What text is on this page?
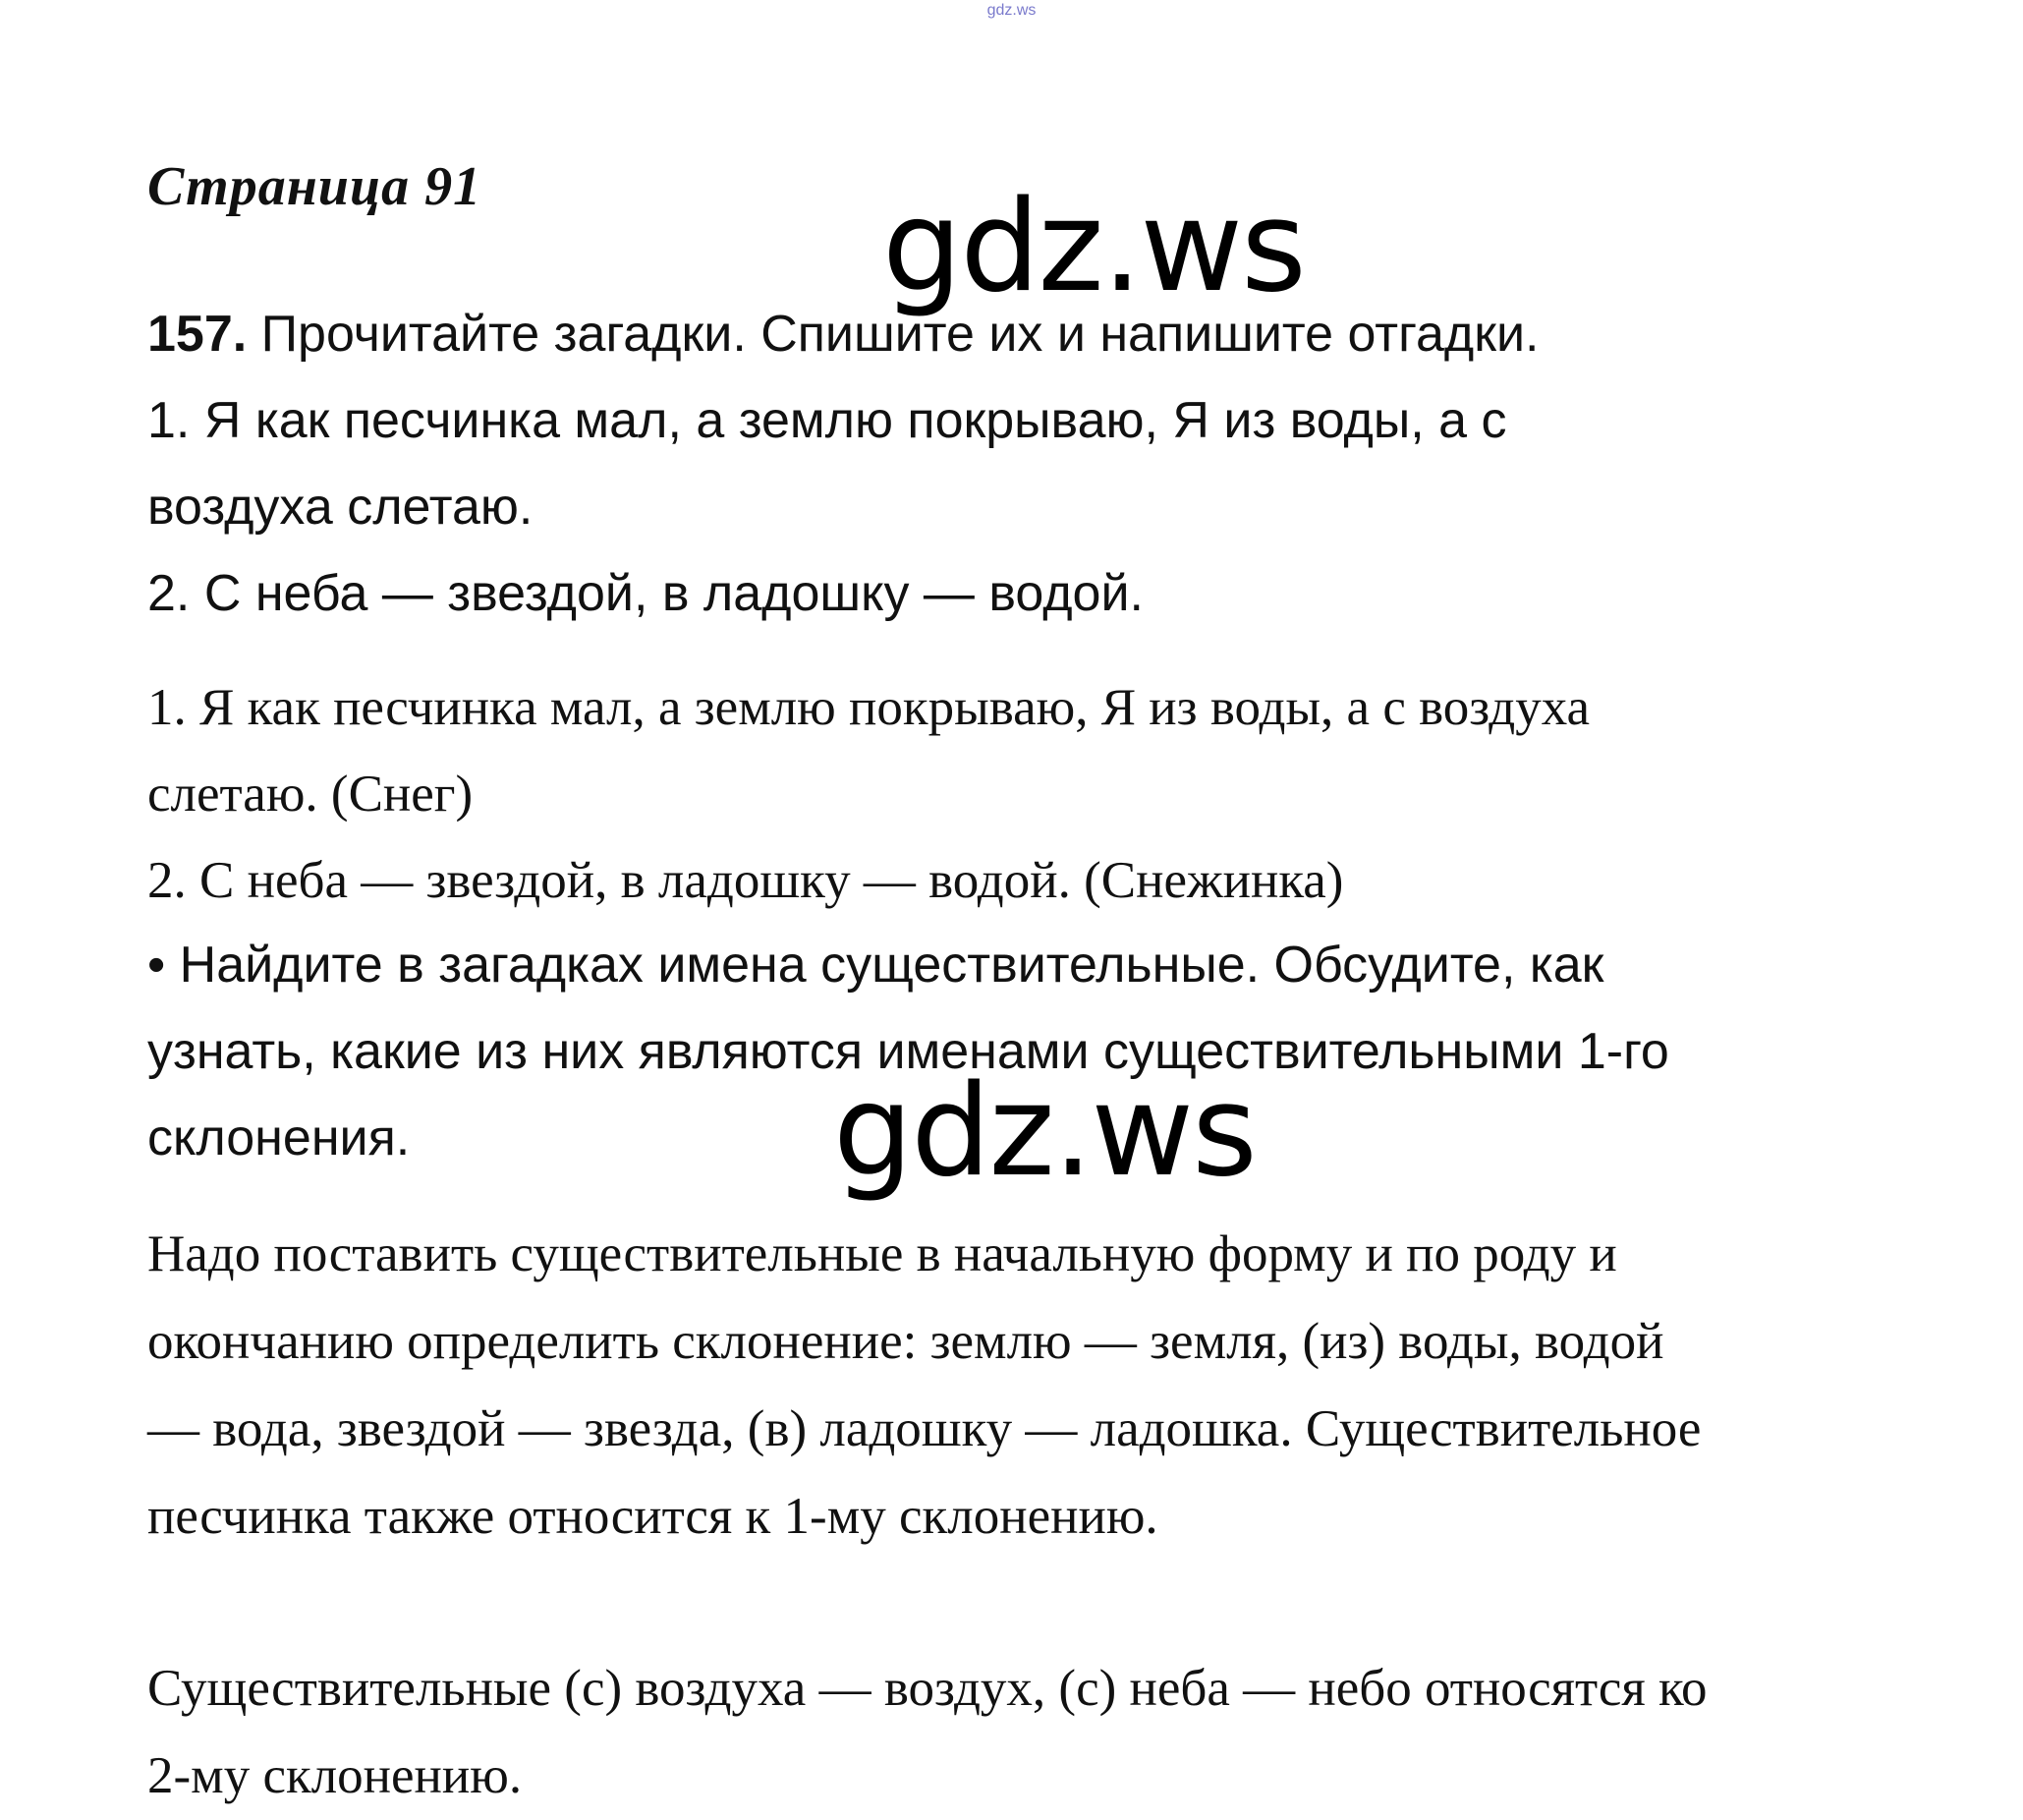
gdz.ws
Страница 91	gdz.ws

157. Прочитайте загадки. Спишите их и напишите отгадки.
1. Я как песчинка мал, а землю покрываю, Я из воды, а с
воздуха слетаю.
2. С неба — звездой, в ладошку — водой.

1. Я как песчинка мал, а землю покрываю, Я из воды, а с воздуха
слетаю. (Снег)
2. С неба — звездой, в ладошку — водой. (Снежинка)

• Найдите в загадках имена существительные. Обсудите, как
узнать, какие из них являются именами существительными 1-го
склонения.	gdz.ws

Надо поставить существительные в начальную форму и по роду и
окончанию определить склонение: землю — земля, (из) воды, водой
— вода, звездой — звезда, (в) ладошку — ладошка. Существительное
песчинка также относится к 1-му склонению.

Существительные (с) воздуха — воздух, (с) неба — небо относятся ко
2-му склонению.
